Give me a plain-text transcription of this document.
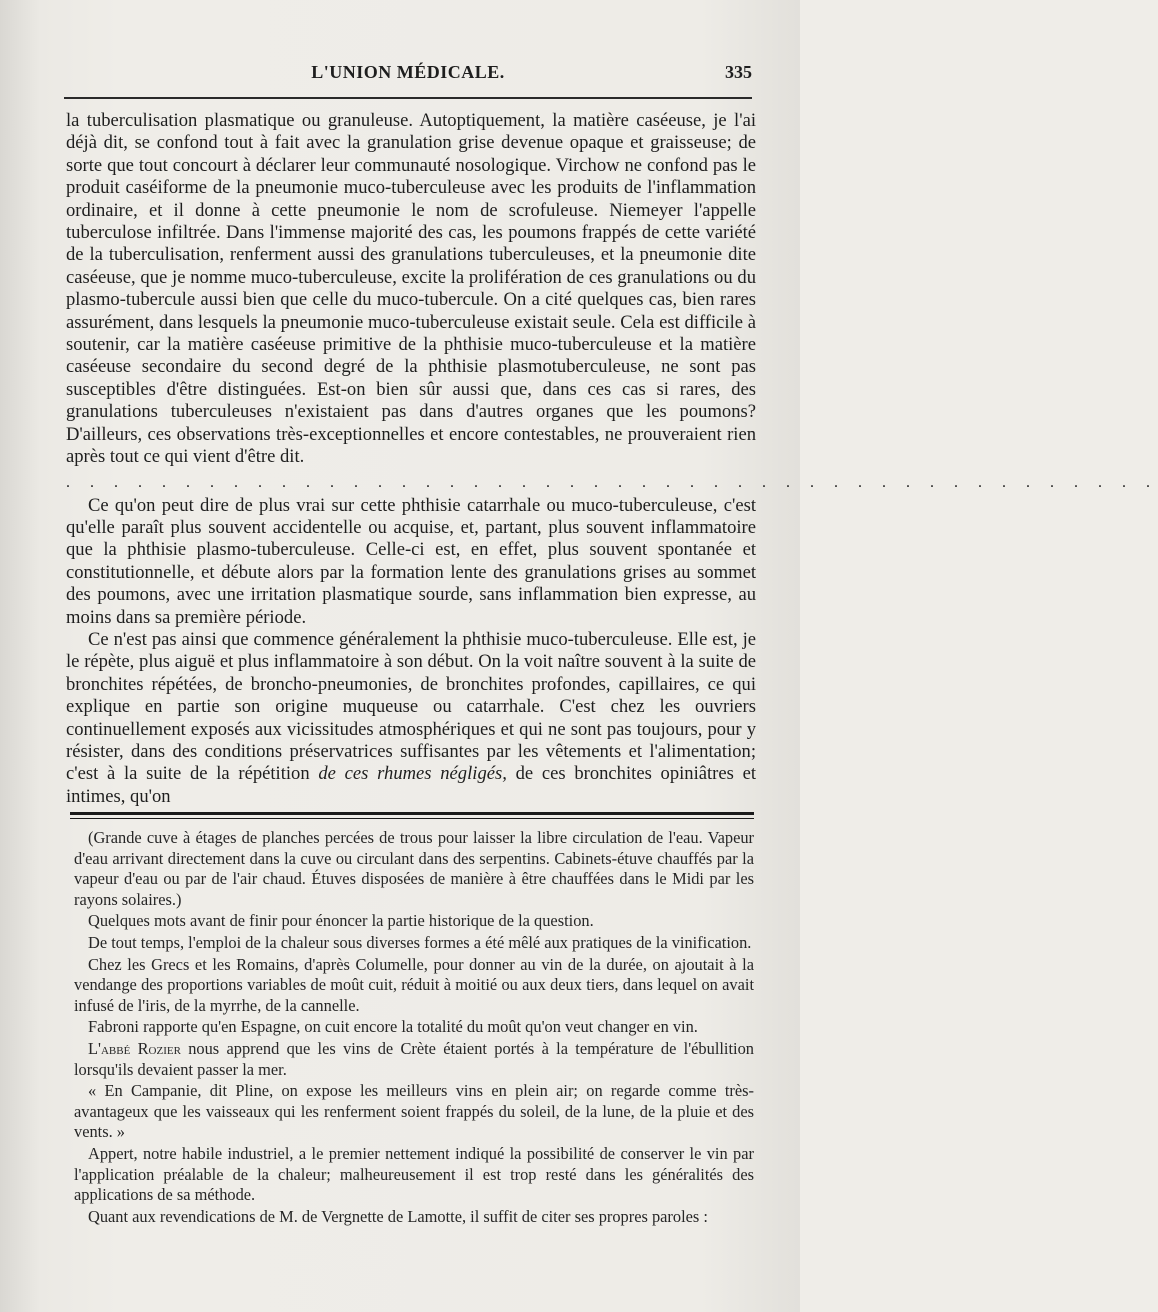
L'UNION MÉDICALE.	335

la tuberculisation plasmatique ou granuleuse. Autoptiquement, la matière caséeuse, je l'ai déjà dit, se confond tout à fait avec la granulation grise devenue opaque et graisseuse; de sorte que tout concourt à déclarer leur communauté nosologique. Virchow ne confond pas le produit caséiforme de la pneumonie muco-tuberculeuse avec les produits de l'inflammation ordinaire, et il donne à cette pneumonie le nom de scrofuleuse. Niemeyer l'appelle tuberculose infiltrée. Dans l'immense majorité des cas, les poumons frappés de cette variété de la tuberculisation, renferment aussi des granulations tuberculeuses, et la pneumonie dite caséeuse, que je nomme muco-tuberculeuse, excite la prolifération de ces granulations ou du plasmo-tubercule aussi bien que celle du muco-tubercule. On a cité quelques cas, bien rares assurément, dans lesquels la pneumonie muco-tuberculeuse existait seule. Cela est difficile à soutenir, car la matière caséeuse primitive de la phthisie muco-tuberculeuse et la matière caséeuse secondaire du second degré de la phthisie plasmotuberculeuse, ne sont pas susceptibles d'être distinguées. Est-on bien sûr aussi que, dans ces cas si rares, des granulations tuberculeuses n'existaient pas dans d'autres organes que les poumons? D'ailleurs, ces observations très-exceptionnelles et encore contestables, ne prouveraient rien après tout ce qui vient d'être dit.

. . . . . . . . . . . . . . . . . . . . . . . . . . . . . . . . . . . . . . . . . . . . . .

Ce qu'on peut dire de plus vrai sur cette phthisie catarrhale ou muco-tuberculeuse, c'est qu'elle paraît plus souvent accidentelle ou acquise, et, partant, plus souvent inflammatoire que la phthisie plasmo-tuberculeuse. Celle-ci est, en effet, plus souvent spontanée et constitutionnelle, et débute alors par la formation lente des granulations grises au sommet des poumons, avec une irritation plasmatique sourde, sans inflammation bien expresse, au moins dans sa première période.

Ce n'est pas ainsi que commence généralement la phthisie muco-tuberculeuse. Elle est, je le répète, plus aiguë et plus inflammatoire à son début. On la voit naître souvent à la suite de bronchites répétées, de broncho-pneumonies, de bronchites profondes, capillaires, ce qui explique en partie son origine muqueuse ou catarrhale. C'est chez les ouvriers continuellement exposés aux vicissitudes atmosphériques et qui ne sont pas toujours, pour y résister, dans des conditions préservatrices suffisantes par les vêtements et l'alimentation; c'est à la suite de la répétition de ces rhumes négligés, de ces bronchites opiniâtres et intimes, qu'on

(Grande cuve à étages de planches percées de trous pour laisser la libre circulation de l'eau. Vapeur d'eau arrivant directement dans la cuve ou circulant dans des serpentins. Cabinets-étuve chauffés par la vapeur d'eau ou par de l'air chaud. Étuves disposées de manière à être chauffées dans le Midi par les rayons solaires.)

Quelques mots avant de finir pour énoncer la partie historique de la question.

De tout temps, l'emploi de la chaleur sous diverses formes a été mêlé aux pratiques de la vinification.

Chez les Grecs et les Romains, d'après Columelle, pour donner au vin de la durée, on ajoutait à la vendange des proportions variables de moût cuit, réduit à moitié ou aux deux tiers, dans lequel on avait infusé de l'iris, de la myrrhe, de la cannelle.

Fabroni rapporte qu'en Espagne, on cuit encore la totalité du moût qu'on veut changer en vin.

L'abbé Rozier nous apprend que les vins de Crète étaient portés à la température de l'ébullition lorsqu'ils devaient passer la mer.

« En Campanie, dit Pline, on expose les meilleurs vins en plein air; on regarde comme très-avantageux que les vaisseaux qui les renferment soient frappés du soleil, de la lune, de la pluie et des vents. »

Appert, notre habile industriel, a le premier nettement indiqué la possibilité de conserver le vin par l'application préalable de la chaleur; malheureusement il est trop resté dans les généralités des applications de sa méthode.

Quant aux revendications de M. de Vergnette de Lamotte, il suffit de citer ses propres paroles :
